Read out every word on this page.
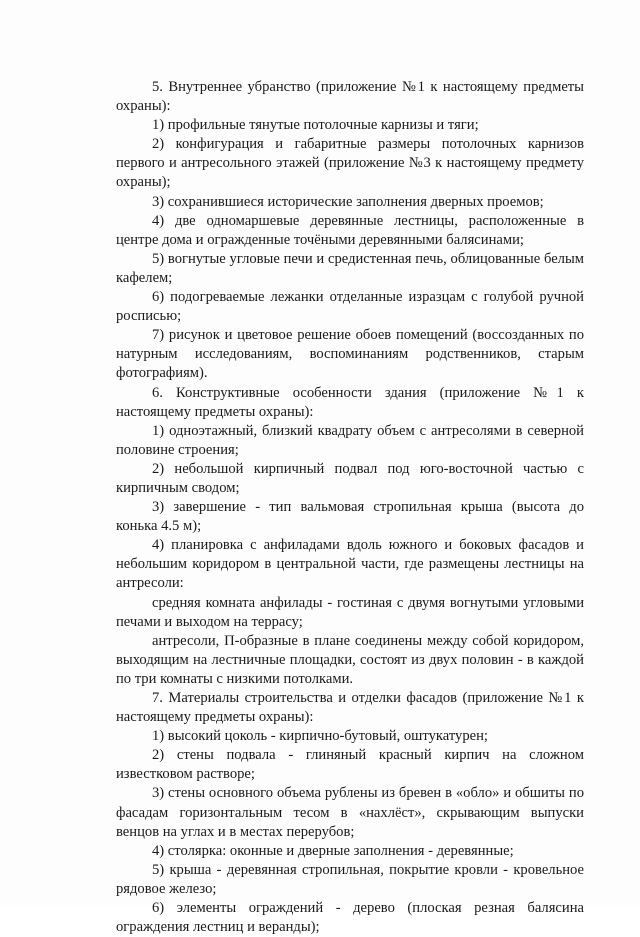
5. Внутреннее убранство (приложение №1 к настоящему предметы охраны):

1) профильные тянутые потолочные карнизы и тяги;

2) конфигурация и габаритные размеры потолочных карнизов первого и антресольного этажей (приложение №3 к настоящему предмету охраны);

3) сохранившиеся исторические заполнения дверных проемов;

4) две одномаршевые деревянные лестницы, расположенные в центре дома и огражденные точёными деревянными балясинами;

5) вогнутые угловые печи и средистенная печь, облицованные белым кафелем;

6) подогреваемые лежанки отделанные изразцам с голубой ручной росписью;

7) рисунок и цветовое решение обоев помещений (воссозданных по натурным исследованиям, воспоминаниям родственников, старым фотографиям).

6. Конструктивные особенности здания (приложение №1 к настоящему предметы охраны):

1) одноэтажный, близкий квадрату объем с антресолями в северной половине строения;

2) небольшой кирпичный подвал под юго-восточной частью с кирпичным сводом;

3) завершение - тип вальмовая стропильная крыша (высота до конька 4.5 м);

4) планировка с анфиладами вдоль южного и боковых фасадов и небольшим коридором в центральной части, где размещены лестницы на антресоли:

средняя комната анфилады - гостиная с двумя вогнутыми угловыми печами и выходом на террасу;

антресоли, П-образные в плане соединены между собой коридором, выходящим на лестничные площадки, состоят из двух половин - в каждой по три комнаты с низкими потолками.

7. Материалы строительства и отделки фасадов (приложение №1 к настоящему предметы охраны):

1) высокий цоколь - кирпично-бутовый, оштукатурен;

2) стены подвала - глиняный красный кирпич на сложном известковом растворе;

3) стены основного объема рублены из бревен в «обло» и обшиты по фасадам горизонтальным тесом в «нахлёст», скрывающим выпуски венцов на углах и в местах перерубов;

4) столярка: оконные и дверные заполнения - деревянные;

5) крыша - деревянная стропильная, покрытие кровли - кровельное рядовое железо;

6) элементы ограждений - дерево (плоская резная балясина ограждения лестниц и веранды);
